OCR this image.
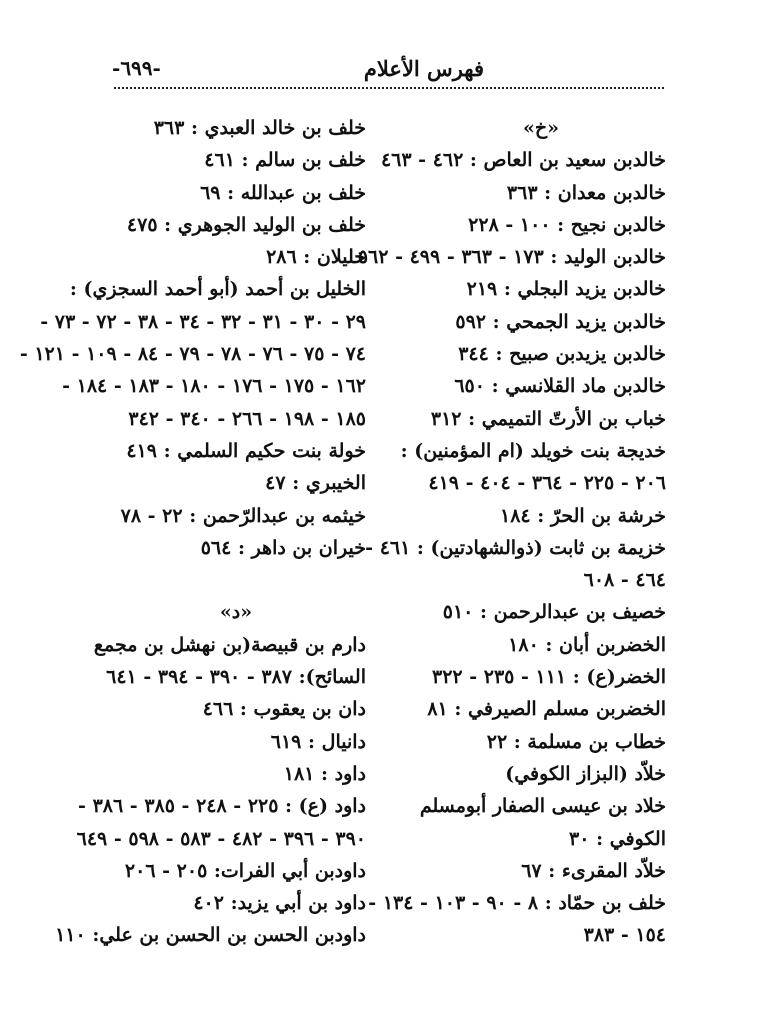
فهرس الأعلام
-٦٩٩-
«خ»
خالدبن سعيد بن العاص : ٤٦٢ - ٤٦٣
خالدبن معدان : ٣٦٣
خالدبن نجيح : ١٠٠ - ٢٢٨
خالدبن الوليد : ١٧٣ - ٣٦٣ - ٤٩٩ - ٥٦٢
خالدبن يزيد البجلي : ٢١٩
خالدبن يزيد الجمحي : ٥٩٢
خالدبن يزيدبن صبيح : ٣٤٤
خالدبن ماد القلانسي : ٦٥٠
خباب بن الأرتّ التميمي : ٣١٢
خديجة بنت خويلد (ام المؤمنين) :
٢٠٦ - ٢٢٥ - ٣٦٤ - ٤٠٤ - ٤١٩
خرشة بن الحرّ : ١٨٤
خزيمة بن ثابت (ذوالشهادتين) : ٤٦١ -
٤٦٤ - ٦٠٨
خصيف بن عبدالرحمن : ٥١٠
الخضربن أبان : ١٨٠
الخضر(ع) : ١١١ - ٢٣٥ - ٣٢٢
الخضربن مسلم الصيرفي : ٨١
خطاب بن مسلمة : ٢٢
خلاّد (البزاز الكوفي)
خلاد بن عيسى الصفار أبومسلم
الكوفي : ٣٠
خلاّد المقرىء : ٦٧
خلف بن حمّاد : ٨ - ٩٠ - ١٠٣ - ١٣٤ -
١٥٤ - ٣٨٣
خلف بن خالد العبدي : ٣٦٣
خلف بن سالم : ٤٦١
خلف بن عبدالله : ٦٩
خلف بن الوليد الجوهري : ٤٧٥
خليلان : ٢٨٦
الخليل بن أحمد (أبو أحمد السجزي) :
٢٩ - ٣٠ - ٣١ - ٣٢ - ٣٤ - ٣٨ - ٧٢ - ٧٣ -
٧٤ - ٧٥ - ٧٦ - ٧٨ - ٧٩ - ٨٤ - ١٠٩ - ١٢١ -
١٦٢ - ١٧٥ - ١٧٦ - ١٨٠ - ١٨٣ - ١٨٤ -
١٨٥ - ١٩٨ - ٢٦٦ - ٣٤٠ - ٣٤٢
خولة بنت حكيم السلمي : ٤١٩
الخيبري : ٤٧
خيثمه بن عبدالرّحمن : ٢٢ - ٧٨
خيران بن داهر : ٥٦٤
«د»
دارم بن قبيصة(بن نهشل بن مجمع
السائح): ٣٨٧ - ٣٩٠ - ٣٩٤ - ٦٤١
دان بن يعقوب : ٤٦٦
دانيال : ٦١٩
داود : ١٨١
داود (ع) : ٢٢٥ - ٢٤٨ - ٣٨٥ - ٣٨٦ -
٣٩٠ - ٣٩٦ - ٤٨٢ - ٥٨٣ - ٥٩٨ - ٦٤٩
داودبن أبي الفرات: ٢٠٥ - ٢٠٦
داود بن أبي يزيد: ٤٠٢
داودبن الحسن بن الحسن بن علي: ١١٠
